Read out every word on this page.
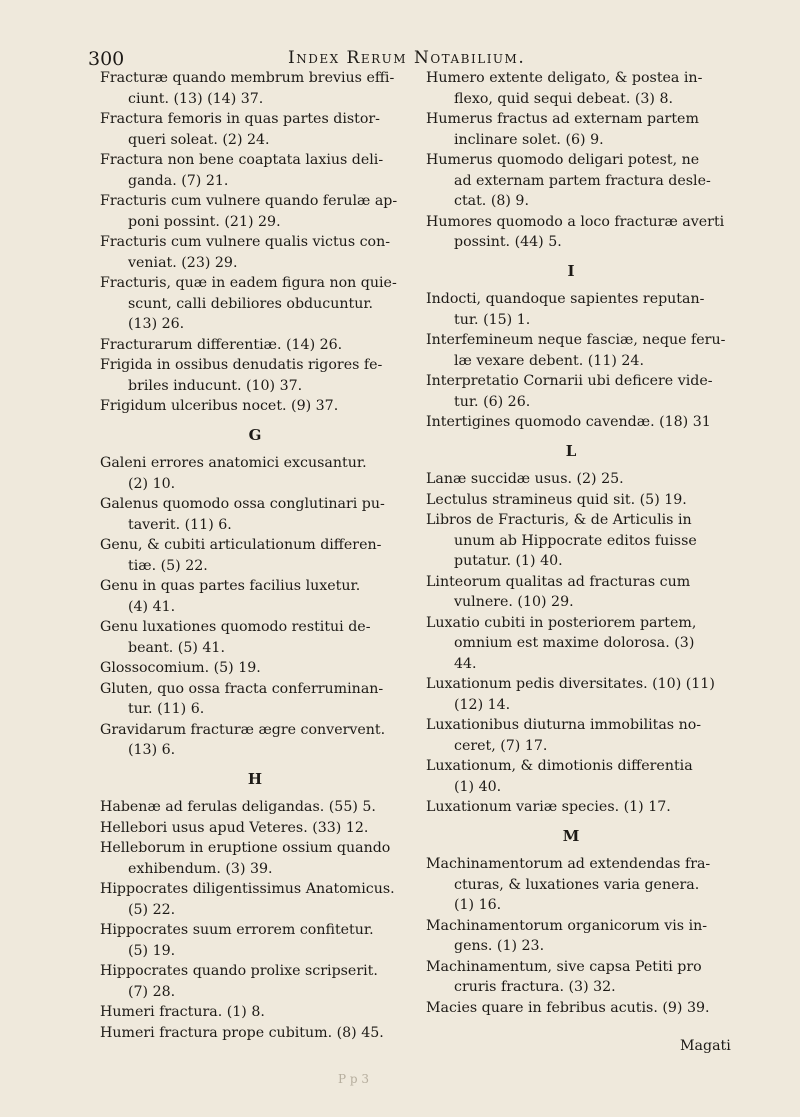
300	Index Rerum Notabilium.
Fracturæ quando membrum brevius effi-
ciunt. (13) (14) 37.
Fractura femoris in quas partes distor-
queri soleat. (2) 24.
Fractura non bene coaptata laxius deli-
ganda. (7) 21.
Fracturis cum vulnere quando ferulæ ap-
poni possint. (21) 29.
Fracturis cum vulnere qualis victus con-
veniat. (23) 29.
Fracturis, quæ in eadem figura non quie-
scunt, calli debiliores obducuntur.
(13) 26.
Fracturarum differentiæ. (14) 26.
Frigida in ossibus denudatis rigores fe-
briles inducunt. (10) 37.
Frigidum ulceribus nocet. (9) 37.
G
Galeni errores anatomici excusantur.
(2) 10.
Galenus quomodo ossa conglutinari pu-
taverit. (11) 6.
Genu, & cubiti articulationum differen-
tiæ. (5) 22.
Genu in quas partes facilius luxetur.
(4) 41.
Genu luxationes quomodo restitui de-
beant. (5) 41.
Glossocomium. (5) 19.
Gluten, quo ossa fracta conferruminan-
tur. (11) 6.
Gravidarum fracturæ ægre convervent.
(13) 6.
H
Habenæ ad ferulas deligandas. (55) 5.
Hellebori usus apud Veteres. (33) 12.
Helleborum in eruptione ossium quando
exhibendum. (3) 39.
Hippocrates diligentissimus Anatomicus.
(5) 22.
Hippocrates suum errorem confitetur.
(5) 19.
Hippocrates quando prolixe scripserit.
(7) 28.
Humeri fractura. (1) 8.
Humeri fractura prope cubitum. (8) 45.
Humero extente deligato, & postea in-
flexo, quid sequi debeat. (3) 8.
Humerus fractus ad externam partem
inclinare solet. (6) 9.
Humerus quomodo deligari potest, ne
ad externam partem fractura desle-
ctat. (8) 9.
Humores quomodo a loco fracturæ averti
possint. (44) 5.
I
Indocti, quandoque sapientes reputan-
tur. (15) 1.
Interfemineum neque fasciæ, neque feru-
læ vexare debent. (11) 24.
Interpretatio Cornarii ubi deficere vide-
tur. (6) 26.
Intertigines quomodo cavendæ. (18) 31
L
Lanæ succidæ usus. (2) 25.
Lectulus stramineus quid sit. (5) 19.
Libros de Fracturis, & de Articulis in
unum ab Hippocrate editos fuisse
putatur. (1) 40.
Linteorum qualitas ad fracturas cum
vulnere. (10) 29.
Luxatio cubiti in posteriorem partem,
omnium est maxime dolorosa. (3)
44.
Luxationum pedis diversitates. (10) (11)
(12) 14.
Luxationibus diuturna immobilitas no-
ceret, (7) 17.
Luxationum, & dimotionis differentia
(1) 40.
Luxationum variæ species. (1) 17.
M
Machinamentorum ad extendendas fra-
cturas, & luxationes varia genera.
(1) 16.
Machinamentorum organicorum vis in-
gens. (1) 23.
Machinamentum, sive capsa Petiti pro
cruris fractura. (3) 32.
Macies quare in febribus acutis. (9) 39.
Magati
P p 3
